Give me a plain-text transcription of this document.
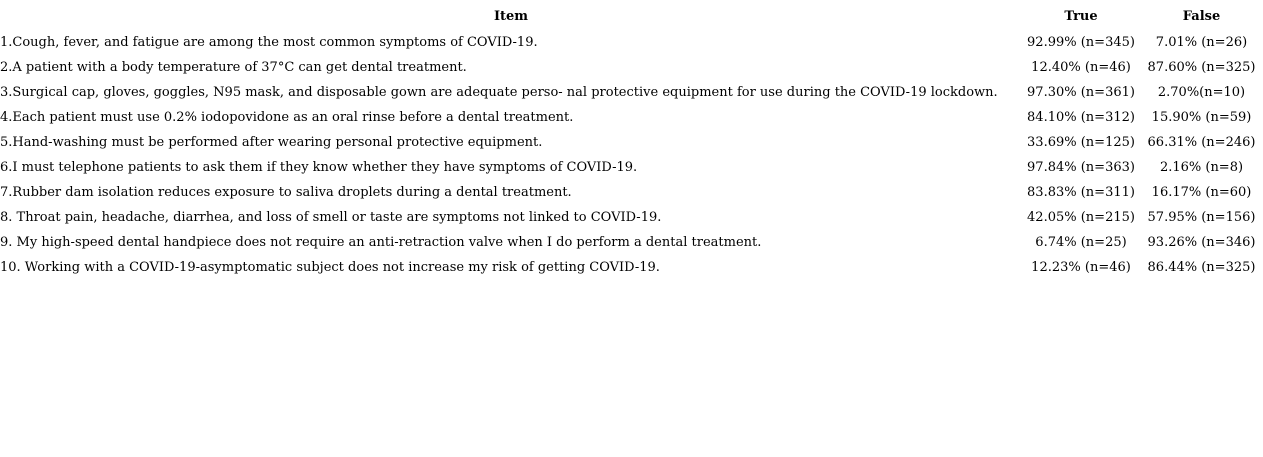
Item	True	False
1.Cough, fever, and fatigue are among the most common symptoms of COVID-19.	92.99% (n=345)	7.01% (n=26)
2.A patient with a body temperature of 37°C can get dental treatment.	12.40% (n=46)	87.60% (n=325)
3.Surgical cap, gloves, goggles, N95 mask, and disposable gown are adequate perso- nal protective equipment for use during the COVID-19 lockdown.	97.30% (n=361)	2.70%(n=10)
4.Each patient must use 0.2% iodopovidone as an oral rinse before a dental treatment.	84.10% (n=312)	15.90% (n=59)
5.Hand-washing must be performed after wearing personal protective equipment.	33.69% (n=125)	66.31% (n=246)
6.I must telephone patients to ask them if they know whether they have symptoms of COVID-19.	97.84% (n=363)	2.16% (n=8)
7.Rubber dam isolation reduces exposure to saliva droplets during a dental treatment.	83.83% (n=311)	16.17% (n=60)
8. Throat pain, headache, diarrhea, and loss of smell or taste are symptoms not linked to COVID-19.	42.05% (n=215)	57.95% (n=156)
9. My high-speed dental handpiece does not require an anti-retraction valve when I do perform a dental treatment.	6.74% (n=25)	93.26% (n=346)
10. Working with a COVID-19-asymptomatic subject does not increase my risk of getting COVID-19.	12.23% (n=46)	86.44% (n=325)
